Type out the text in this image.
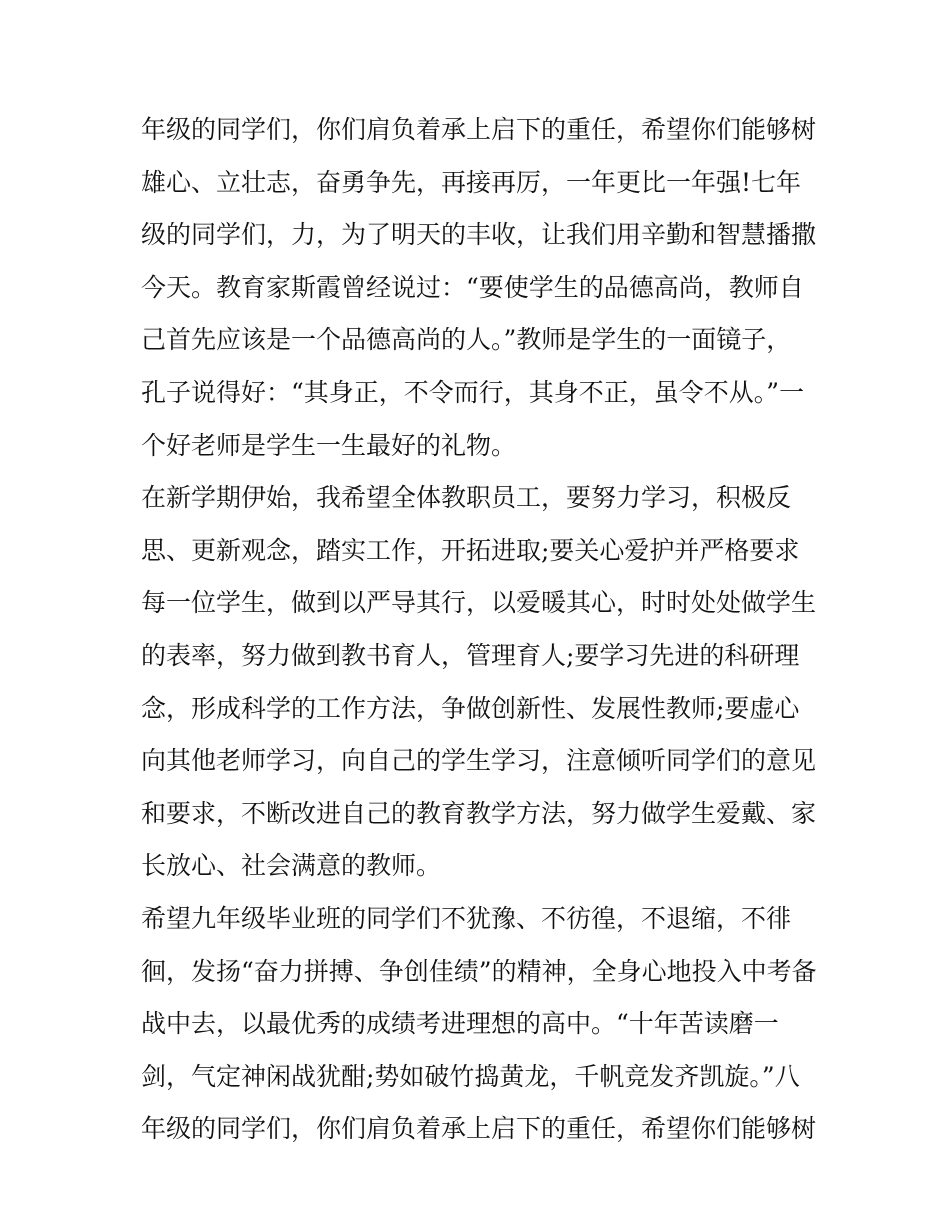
年级的同学们，你们肩负着承上启下的重任，希望你们能够树
雄心、立壮志，奋勇争先，再接再厉，一年更比一年强!七年
级的同学们，力，为了明天的丰收，让我们用辛勤和智慧播撒
今天。教育家斯霞曾经说过：“要使学生的品德高尚，教师自
己首先应该是一个品德高尚的人。”教师是学生的一面镜子，
孔子说得好：“其身正，不令而行，其身不正，虽令不从。”一
个好老师是学生一生最好的礼物。
在新学期伊始，我希望全体教职员工，要努力学习，积极反
思、更新观念，踏实工作，开拓进取;要关心爱护并严格要求
每一位学生，做到以严导其行，以爱暖其心，时时处处做学生
的表率，努力做到教书育人，管理育人;要学习先进的科研理
念，形成科学的工作方法，争做创新性、发展性教师;要虚心
向其他老师学习，向自己的学生学习，注意倾听同学们的意见
和要求，不断改进自己的教育教学方法，努力做学生爱戴、家
长放心、社会满意的教师。
希望九年级毕业班的同学们不犹豫、不彷徨，不退缩，不徘
徊，发扬“奋力拼搏、争创佳绩”的精神，全身心地投入中考备
战中去，以最优秀的成绩考进理想的高中。“十年苦读磨一
剑，气定神闲战犹酣;势如破竹捣黄龙，千帆竞发齐凯旋。”八
年级的同学们，你们肩负着承上启下的重任，希望你们能够树
